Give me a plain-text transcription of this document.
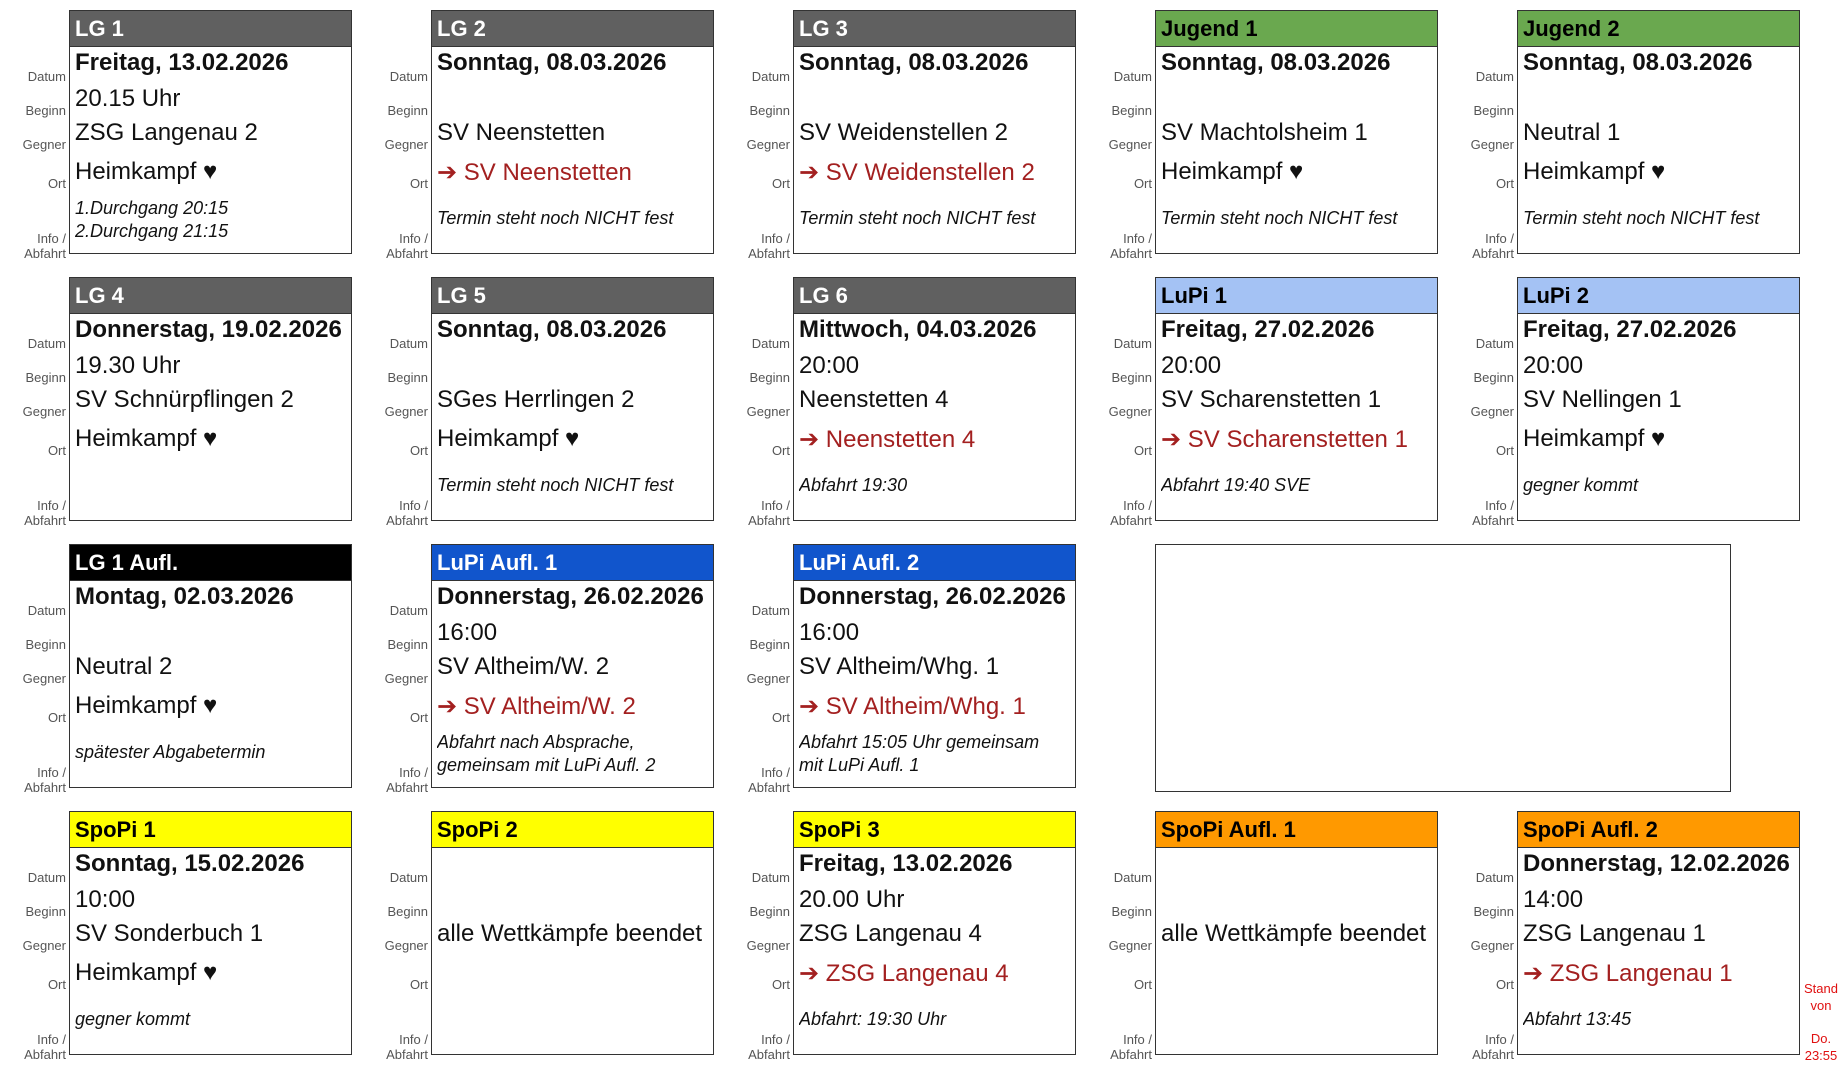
Datum
Beginn
Gegner
Ort
Info /
Abfahrt
LG 1
Freitag, 13.02.2026
20.15 Uhr
ZSG Langenau 2
Heimkampf ♥
1.Durchgang 20:15
2.Durchgang 21:15
Datum
Beginn
Gegner
Ort
Info /
Abfahrt
LG 2
Sonntag, 08.03.2026
SV Neenstetten
➔ SV Neenstetten
Termin steht noch NICHT fest
Datum
Beginn
Gegner
Ort
Info /
Abfahrt
LG 3
Sonntag, 08.03.2026
SV Weidenstellen 2
➔ SV Weidenstellen 2
Termin steht noch NICHT fest
Datum
Beginn
Gegner
Ort
Info /
Abfahrt
Jugend 1
Sonntag, 08.03.2026
SV Machtolsheim 1
Heimkampf ♥
Termin steht noch NICHT fest
Datum
Beginn
Gegner
Ort
Info /
Abfahrt
Jugend 2
Sonntag, 08.03.2026
Neutral 1
Heimkampf ♥
Termin steht noch NICHT fest
Datum
Beginn
Gegner
Ort
Info /
Abfahrt
LG 4
Donnerstag, 19.02.2026
19.30 Uhr
SV Schnürpflingen 2
Heimkampf ♥
Datum
Beginn
Gegner
Ort
Info /
Abfahrt
LG 5
Sonntag, 08.03.2026
SGes Herrlingen 2
Heimkampf ♥
Termin steht noch NICHT fest
Datum
Beginn
Gegner
Ort
Info /
Abfahrt
LG 6
Mittwoch, 04.03.2026
20:00
Neenstetten 4
➔ Neenstetten 4
Abfahrt 19:30
Datum
Beginn
Gegner
Ort
Info /
Abfahrt
LuPi 1
Freitag, 27.02.2026
20:00
SV Scharenstetten 1
➔ SV Scharenstetten 1
Abfahrt 19:40 SVE
Datum
Beginn
Gegner
Ort
Info /
Abfahrt
LuPi 2
Freitag, 27.02.2026
20:00
SV Nellingen 1
Heimkampf ♥
gegner kommt
Datum
Beginn
Gegner
Ort
Info /
Abfahrt
LG 1 Aufl.
Montag, 02.03.2026
Neutral 2
Heimkampf ♥
spätester Abgabetermin
Datum
Beginn
Gegner
Ort
Info /
Abfahrt
LuPi Aufl. 1
Donnerstag, 26.02.2026
16:00
SV Altheim/W. 2
➔ SV Altheim/W. 2
Abfahrt nach Absprache,
gemeinsam mit LuPi Aufl. 2
Datum
Beginn
Gegner
Ort
Info /
Abfahrt
LuPi Aufl. 2
Donnerstag, 26.02.2026
16:00
SV Altheim/Whg. 1
➔ SV Altheim/Whg. 1
Abfahrt 15:05 Uhr gemeinsam
mit LuPi Aufl. 1
Datum
Beginn
Gegner
Ort
Info /
Abfahrt
SpoPi 1
Sonntag, 15.02.2026
10:00
SV Sonderbuch 1
Heimkampf ♥
gegner kommt
Datum
Beginn
Gegner
Ort
Info /
Abfahrt
SpoPi 2
alle Wettkämpfe beendet
Datum
Beginn
Gegner
Ort
Info /
Abfahrt
SpoPi 3
Freitag, 13.02.2026
20.00 Uhr
ZSG Langenau 4
➔ ZSG Langenau 4
Abfahrt: 19:30 Uhr
Datum
Beginn
Gegner
Ort
Info /
Abfahrt
SpoPi Aufl. 1
alle Wettkämpfe beendet
Datum
Beginn
Gegner
Ort
Info /
Abfahrt
SpoPi Aufl. 2
Donnerstag, 12.02.2026
14:00
ZSG Langenau 1
➔ ZSG Langenau 1
Abfahrt 13:45
Stand
von
Do.
23:55
